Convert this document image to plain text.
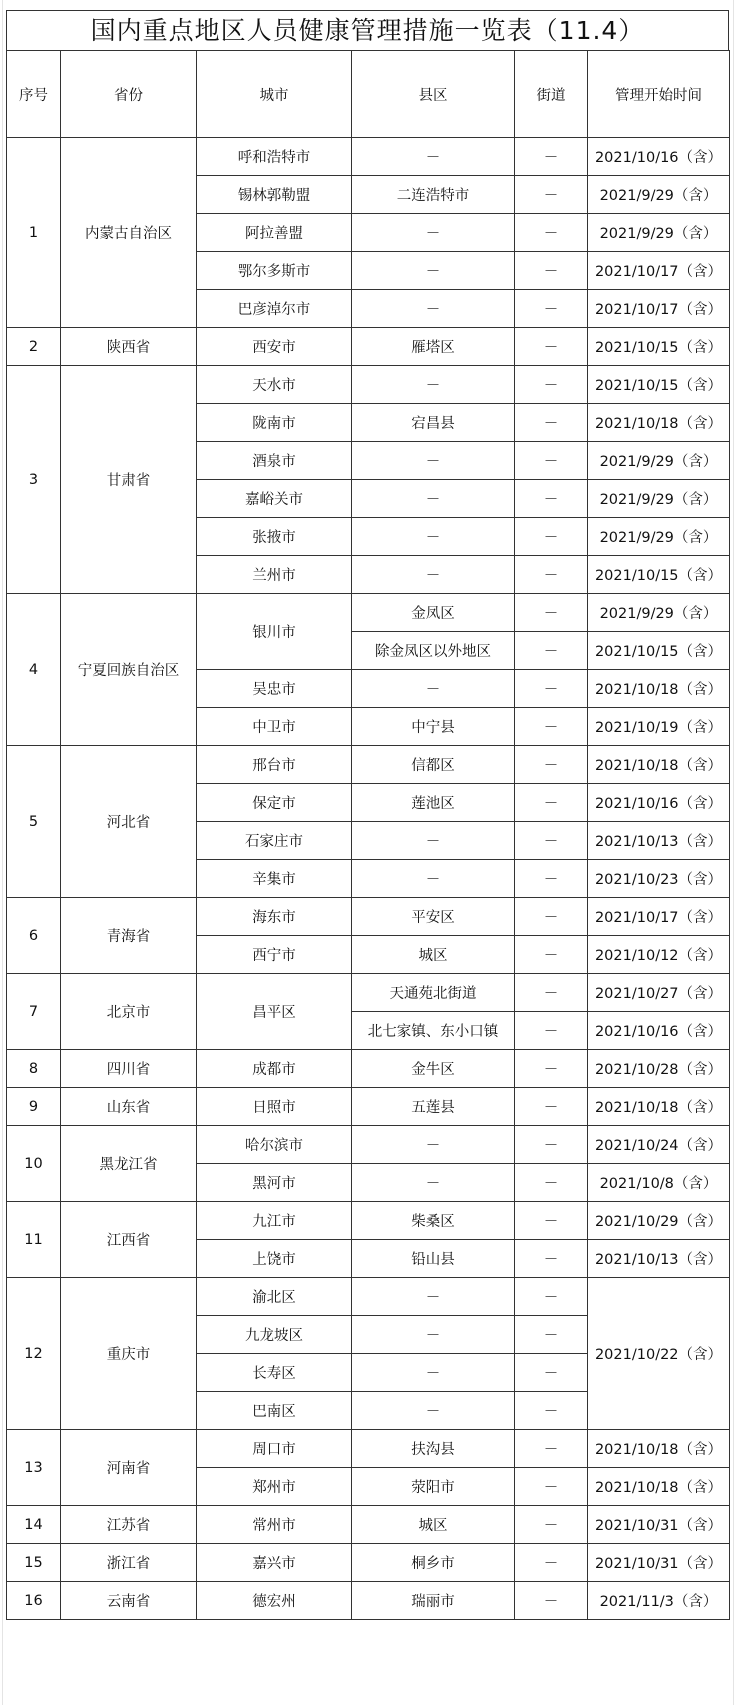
国内重点地区人员健康管理措施一览表（11.4）
序号	省份	城市	县区	街道	管理开始时间
1	内蒙古自治区	呼和浩特市	－	－	2021/10/16（含）
		锡林郭勒盟	二连浩特市	－	2021/9/29（含）
		阿拉善盟	－	－	2021/9/29（含）
		鄂尔多斯市	－	－	2021/10/17（含）
		巴彦淖尔市	－	－	2021/10/17（含）
2	陕西省	西安市	雁塔区	－	2021/10/15（含）
3	甘肃省	天水市	－	－	2021/10/15（含）
		陇南市	宕昌县	－	2021/10/18（含）
		酒泉市	－	－	2021/9/29（含）
		嘉峪关市	－	－	2021/9/29（含）
		张掖市	－	－	2021/9/29（含）
		兰州市	－	－	2021/10/15（含）
4	宁夏回族自治区	银川市	金凤区	－	2021/9/29（含）
			除金凤区以外地区	－	2021/10/15（含）
		吴忠市	－	－	2021/10/18（含）
		中卫市	中宁县	－	2021/10/19（含）
5	河北省	邢台市	信都区	－	2021/10/18（含）
		保定市	莲池区	－	2021/10/16（含）
		石家庄市	－	－	2021/10/13（含）
		辛集市	－	－	2021/10/23（含）
6	青海省	海东市	平安区	－	2021/10/17（含）
		西宁市	城区	－	2021/10/12（含）
7	北京市	昌平区	天通苑北街道	－	2021/10/27（含）
			北七家镇、东小口镇	－	2021/10/16（含）
8	四川省	成都市	金牛区	－	2021/10/28（含）
9	山东省	日照市	五莲县	－	2021/10/18（含）
10	黑龙江省	哈尔滨市	－	－	2021/10/24（含）
		黑河市	－	－	2021/10/8（含）
11	江西省	九江市	柴桑区	－	2021/10/29（含）
		上饶市	铅山县	－	2021/10/13（含）
12	重庆市	渝北区	－	－	2021/10/22（含）
		九龙坡区	－	－	
		长寿区	－	－	
		巴南区	－	－	
13	河南省	周口市	扶沟县	－	2021/10/18（含）
		郑州市	荥阳市	－	2021/10/18（含）
14	江苏省	常州市	城区	－	2021/10/31（含）
15	浙江省	嘉兴市	桐乡市	－	2021/10/31（含）
16	云南省	德宏州	瑞丽市	－	2021/11/3（含）
